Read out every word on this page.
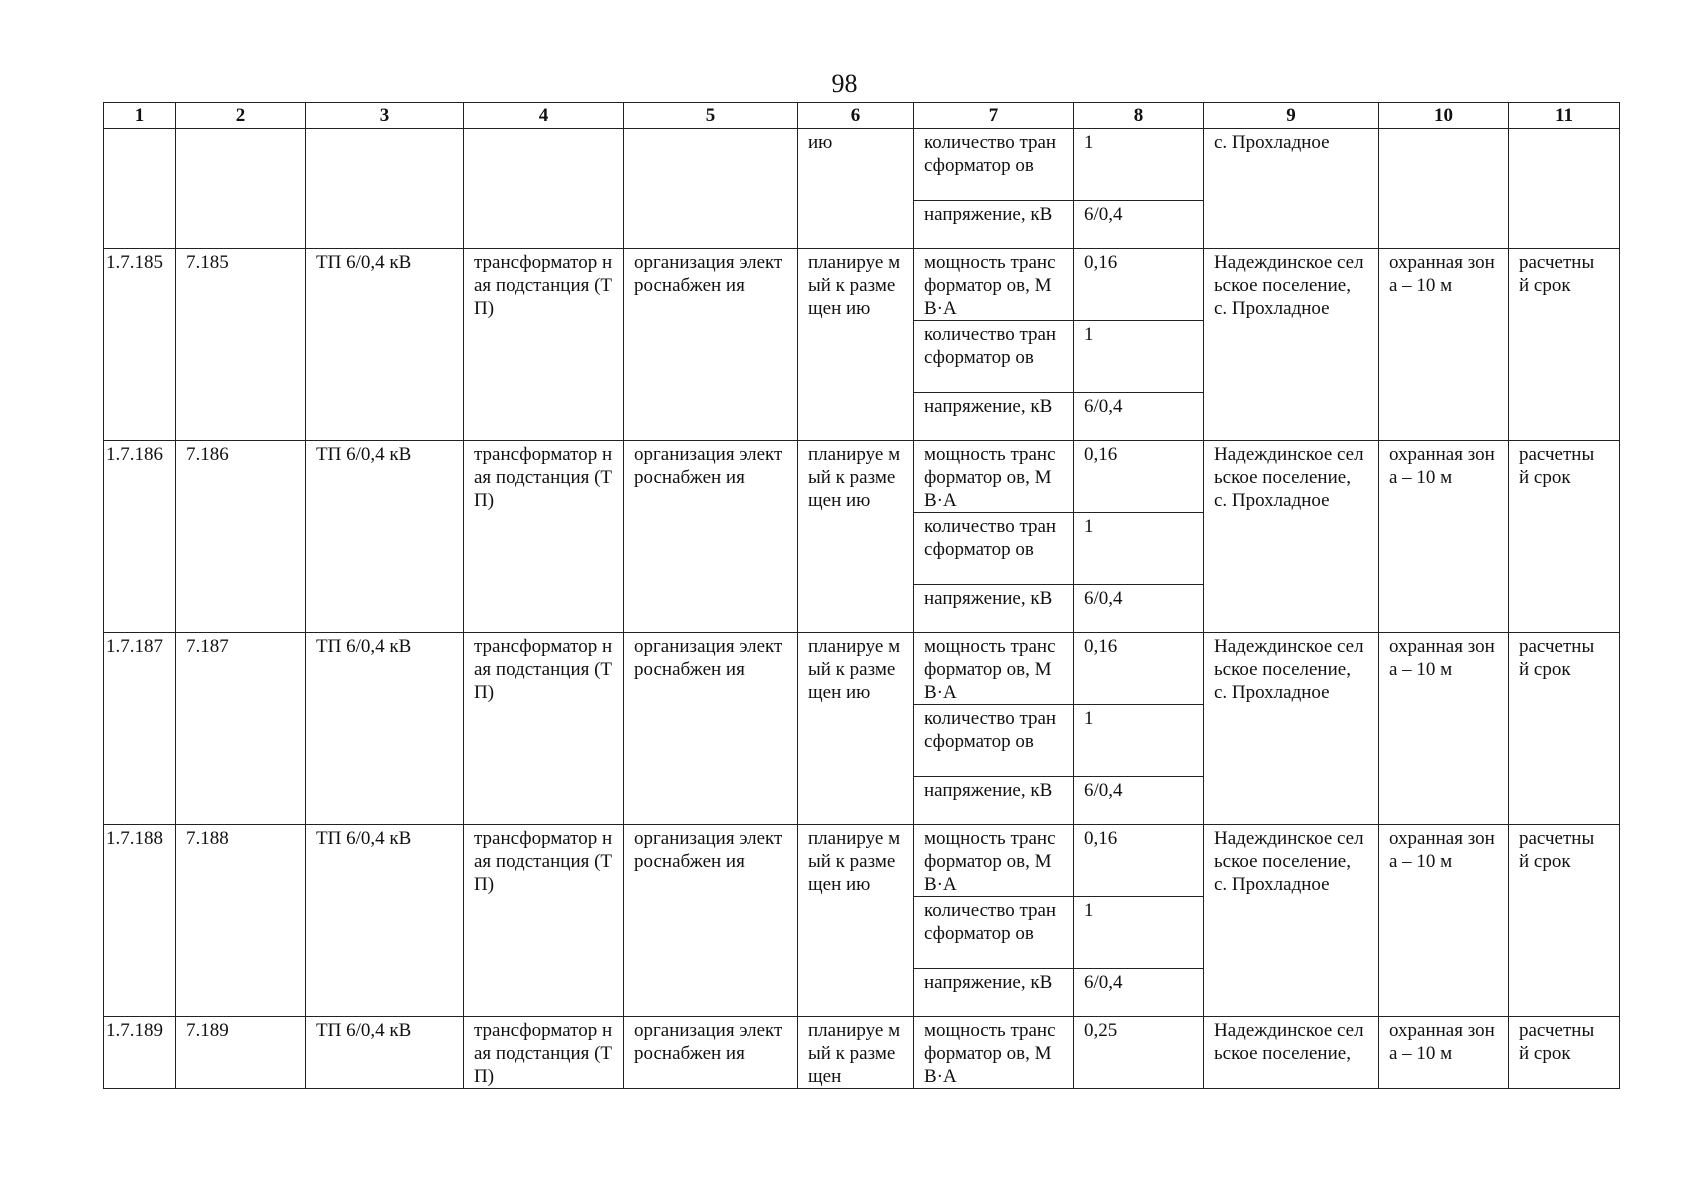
98
1	2	3	4	5	6	7	8	9	10	11
					ию	количество трансформатор ов	1	с. Прохладное		
						напряжение, кВ	6/0,4			
1.7.185	7.185	ТП 6/0,4 кВ	трансформатор ная подстанция (ТП)	организация электроснабжен ия	планируе мый к размещен ию	мощность трансформатор ов, МВ·А	0,16	Надеждинское сельское поселение, с. Прохладное	охранная зона – 10 м	расчетны й срок
						количество трансформатор ов	1			
						напряжение, кВ	6/0,4			
1.7.186	7.186	ТП 6/0,4 кВ	трансформатор ная подстанция (ТП)	организация электроснабжен ия	планируе мый к размещен ию	мощность трансформатор ов, МВ·А	0,16	Надеждинское сельское поселение, с. Прохладное	охранная зона – 10 м	расчетны й срок
						количество трансформатор ов	1			
						напряжение, кВ	6/0,4			
1.7.187	7.187	ТП 6/0,4 кВ	трансформатор ная подстанция (ТП)	организация электроснабжен ия	планируе мый к размещен ию	мощность трансформатор ов, МВ·А	0,16	Надеждинское сельское поселение, с. Прохладное	охранная зона – 10 м	расчетны й срок
						количество трансформатор ов	1			
						напряжение, кВ	6/0,4			
1.7.188	7.188	ТП 6/0,4 кВ	трансформатор ная подстанция (ТП)	организация электроснабжен ия	планируе мый к размещен ию	мощность трансформатор ов, МВ·А	0,16	Надеждинское сельское поселение, с. Прохладное	охранная зона – 10 м	расчетны й срок
						количество трансформатор ов	1			
						напряжение, кВ	6/0,4			
1.7.189	7.189	ТП 6/0,4 кВ	трансформатор ная подстанция (ТП)	организация электроснабжен ия	планируе мый к размещен	мощность трансформатор ов, МВ·А	0,25	Надеждинское сельское поселение,	охранная зона – 10 м	расчетны й срок
